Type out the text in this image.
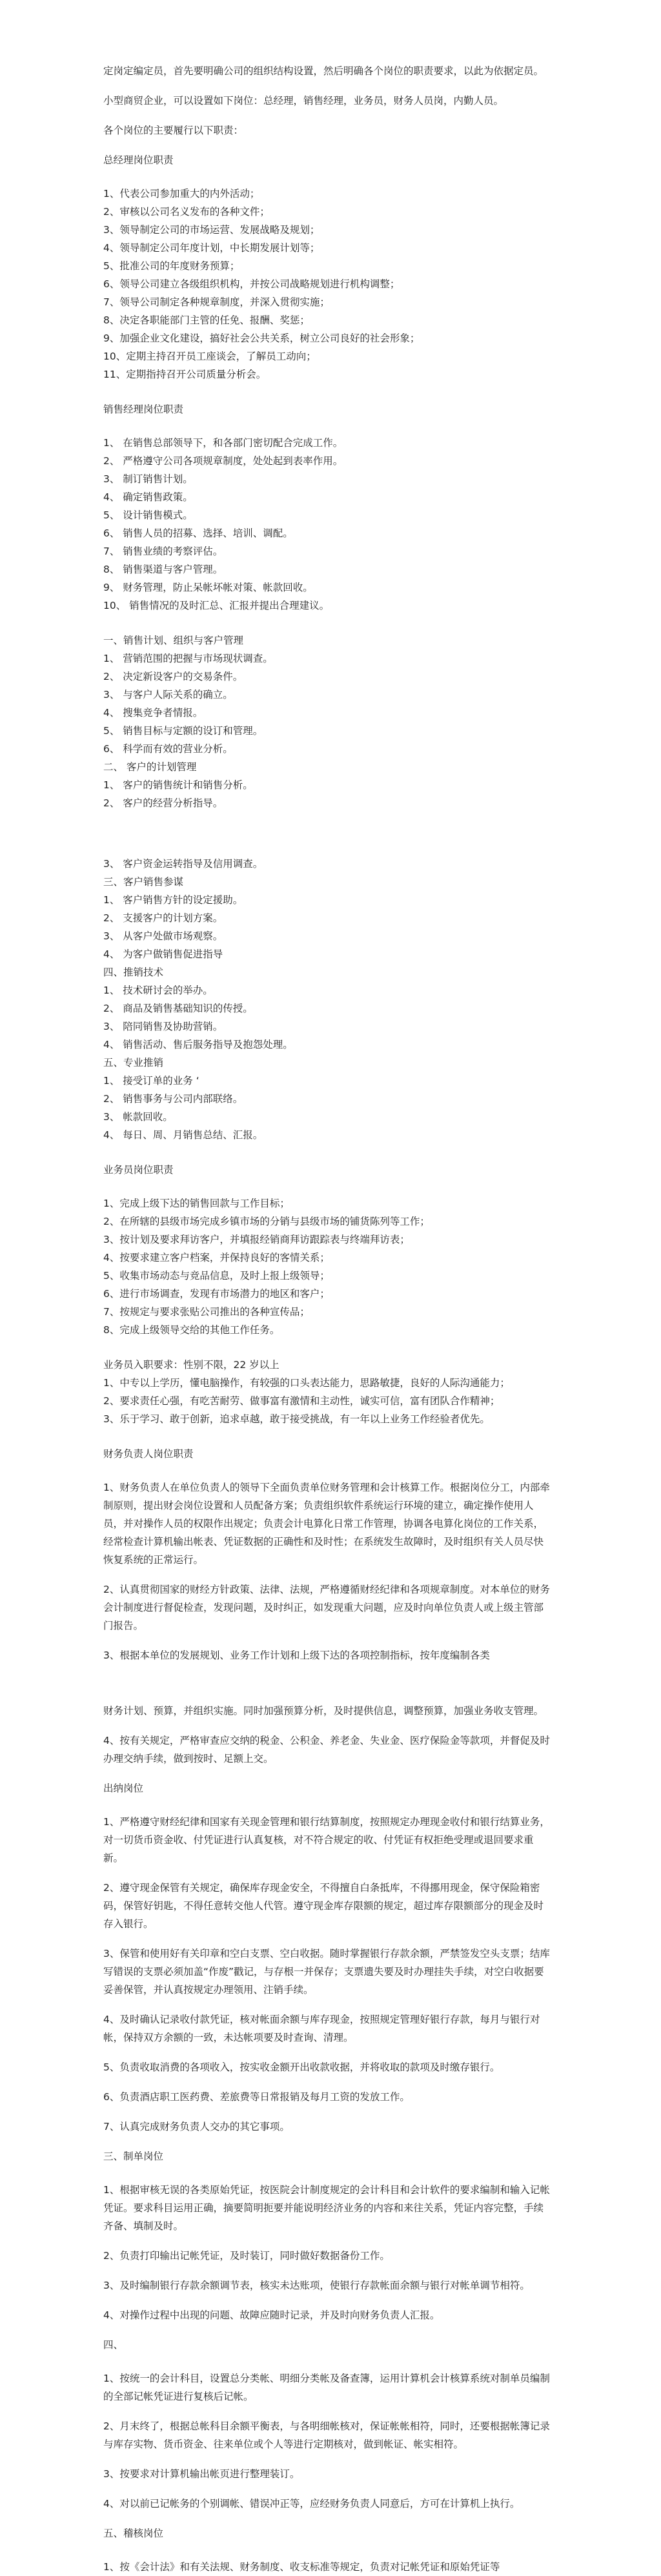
定岗定编定员，首先要明确公司的组织结构设置，然后明确各个岗位的职责要求，以此为依据定员。

小型商贸企业，可以设置如下岗位：总经理，销售经理，业务员，财务人员岗，内勤人员。

各个岗位的主要履行以下职责：

总经理岗位职责

1、代表公司参加重大的内外活动；
2、审核以公司名义发布的各种文件；
3、领导制定公司的市场运营、发展战略及规划；
4、领导制定公司年度计划，中长期发展计划等；
5、批准公司的年度财务预算；
6、领导公司建立各级组织机构，并按公司战略规划进行机构调整；
7、领导公司制定各种规章制度，并深入贯彻实施；
8、决定各职能部门主管的任免、报酬、奖惩；
9、加强企业文化建设，搞好社会公共关系，树立公司良好的社会形象；
10、定期主持召开员工座谈会，了解员工动向；
11、定期指持召开公司质量分析会。

销售经理岗位职责

1、 在销售总部领导下，和各部门密切配合完成工作。
2、 严格遵守公司各项规章制度，处处起到表率作用。
3、 制订销售计划。
4、 确定销售政策。
5、 设计销售模式。
6、 销售人员的招募、选择、培训、调配。
7、 销售业绩的考察评估。
8、 销售渠道与客户管理。
9、 财务管理，防止呆帐坏帐对策、帐款回收。
10、 销售情况的及时汇总、汇报并提出合理建议。
一、销售计划、组织与客户管理
1、 营销范围的把握与市场现状调查。
2、 决定新设客户的交易条件。
3、 与客户人际关系的确立。
4、 搜集竞争者情报。
5、 销售目标与定额的设订和管理。
6、 科学而有效的营业分析。
二、 客户的计划管理
1、 客户的销售统计和销售分析。
2、 客户的经营分析指导。
3、 客户资金运转指导及信用调查。
三、客户销售参谋
1、 客户销售方针的设定援助。
2、 支援客户的计划方案。
3、 从客户处做市场观察。
4、 为客户做销售促进指导
四、推销技术
1、 技术研讨会的举办。
2、 商品及销售基础知识的传授。
3、 陪同销售及协助营销。
4、 销售活动、售后服务指导及抱怨处理。
五、专业推销
1、 接受订单的业务 ‘
2、 销售事务与公司内部联络。
3、 帐款回收。
4、 每日、周、月销售总结、汇报。

业务员岗位职责

1、完成上级下达的销售回款与工作目标；
2、在所辖的县级市场完成乡镇市场的分销与县级市场的铺货陈列等工作；
3、按计划及要求拜访客户，并填报经销商拜访跟踪表与终端拜访表；
4、按要求建立客户档案，并保持良好的客情关系；
5、收集市场动态与竞品信息，及时上报上级领导；
6、进行市场调查，发现有市场潜力的地区和客户；
7、按规定与要求张贴公司推出的各种宣传品；
8、完成上级领导交给的其他工作任务。
业务员入职要求：性别不限，22 岁以上
1、中专以上学历，懂电脑操作，有较强的口头表达能力，思路敏捷，良好的人际沟通能力；
2、要求责任心强，有吃苦耐劳、做事富有激情和主动性，诚实可信，富有团队合作精神；
3、乐于学习、敢于创新，追求卓越，敢于接受挑战，有一年以上业务工作经验者优先。

财务负责人岗位职责

1、财务负责人在单位负责人的领导下全面负责单位财务管理和会计核算工作。根据岗位分工，内部牵制原则，提出财会岗位设置和人员配备方案；负责组织软件系统运行环境的建立，确定操作使用人员，并对操作人员的权限作出规定；负责会计电算化日常工作管理，协调各电算化岗位的工作关系，经常检查计算机输出帐表、凭证数据的正确性和及时性；在系统发生故障时，及时组织有关人员尽快恢复系统的正常运行。

2、认真贯彻国家的财经方针政策、法律、法规，严格遵循财经纪律和各项规章制度。对本单位的财务会计制度进行督促检查，发现问题，及时纠正，如发现重大问题，应及时向单位负责人或上级主管部门报告。

3、根据本单位的发展规划、业务工作计划和上级下达的各项控制指标，按年度编制各类

财务计划、预算，并组织实施。同时加强预算分析，及时提供信息，调整预算，加强业务收支管理。

4、按有关规定，严格审查应交纳的税金、公积金、养老金、失业金、医疗保险金等款项，并督促及时办理交纳手续，做到按时、足额上交。

出纳岗位

1、严格遵守财经纪律和国家有关现金管理和银行结算制度，按照规定办理现金收付和银行结算业务，对一切货币资金收、付凭证进行认真复核，对不符合规定的收、付凭证有权拒绝受理或退回要求重新。

2、遵守现金保管有关规定，确保库存现金安全，不得擅自白条抵库，不得挪用现金，保守保险箱密码，保管好钥匙，不得任意转交他人代管。遵守现金库存限额的规定，超过库存限额部分的现金及时存入银行。

3、保管和使用好有关印章和空白支票、空白收据。随时掌握银行存款余额，严禁签发空头支票；结库写错误的支票必须加盖“作废”戳记，与存根一并保存；支票遗失要及时办理挂失手续，对空白收据要妥善保管，并认真按规定办理领用、注销手续。

4、及时确认记录收付款凭证，核对帐面余额与库存现金，按照规定管理好银行存款，每月与银行对帐，保持双方余额的一致，未达帐项要及时查询、清理。

5、负责收取消费的各项收入，按实收金额开出收款收据，并将收取的款项及时缴存银行。

6、负责酒店职工医药费、差旅费等日常报销及每月工资的发放工作。

7、认真完成财务负责人交办的其它事项。

三、制单岗位

1、根据审核无误的各类原始凭证，按医院会计制度规定的会计科目和会计软件的要求编制和输入记帐凭证。要求科目运用正确，摘要简明扼要并能说明经济业务的内容和来往关系，凭证内容完整，手续齐备、填制及时。

2、负责打印输出记帐凭证，及时装订，同时做好数据备份工作。

3、及时编制银行存款余额调节表，核实未达账项，使银行存款帐面余额与银行对帐单调节相符。

4、对操作过程中出现的问题、故障应随时记录，并及时向财务负责人汇报。

四、

1、按统一的会计科目，设置总分类帐、明细分类帐及备查簿，运用计算机会计核算系统对制单员编制的全部记帐凭证进行复核后记帐。

2、月末终了，根据总帐科目余额平衡表，与各明细帐核对，保证帐帐相符，同时，还要根据帐簿记录与库存实物、货币资金、往来单位或个人等进行定期核对，做到帐证、帐实相符。

3、按要求对计算机输出帐页进行整理装订。

4、对以前已记帐务的个别调帐、错误冲正等，应经财务负责人同意后，方可在计算机上执行。

五、稽核岗位

1、按《会计法》和有关法规、财务制度、收支标准等规定，负责对记帐凭证和原始凭证等
